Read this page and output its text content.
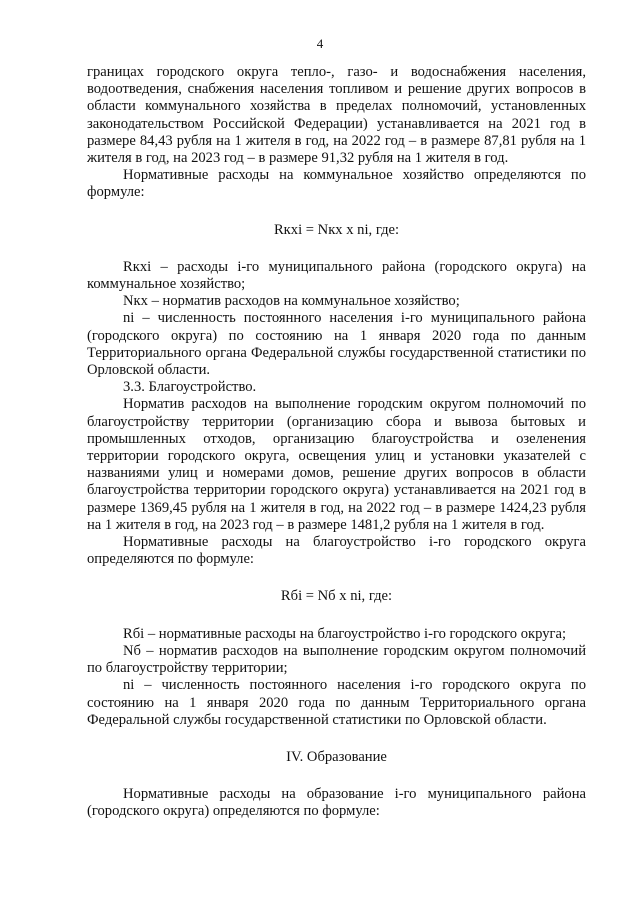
4

границах городского округа тепло-, газо- и водоснабжения населения, водоотведения, снабжения населения топливом и решение других вопросов в области коммунального хозяйства в пределах полномочий, установленных законодательством Российской Федерации) устанавливается на 2021 год в размере 84,43 рубля на 1 жителя в год, на 2022 год – в размере 87,81 рубля на 1 жителя в год, на 2023 год – в размере 91,32 рубля на 1 жителя в год.

Нормативные расходы на коммунальное хозяйство определяются по формуле:

Rкxi = Nкх х ni, где:

Rкxi – расходы i-го муниципального района (городского округа) на коммунальное хозяйство;

Nкх – норматив расходов на коммунальное хозяйство;

ni – численность постоянного населения i-го муниципального района (городского округа) по состоянию на 1 января 2020 года по данным Территориального органа Федеральной службы государственной статистики по Орловской области.

3.3. Благоустройство.

Норматив расходов на выполнение городским округом полномочий по благоустройству территории (организацию сбора и вывоза бытовых и промышленных отходов, организацию благоустройства и озеленения территории городского округа, освещения улиц и установки указателей с названиями улиц и номерами домов, решение других вопросов в области благоустройства территории городского округа) устанавливается на 2021 год в размере 1369,45 рубля на 1 жителя в год, на 2022 год – в размере 1424,23 рубля на 1 жителя в год, на 2023 год – в размере 1481,2 рубля на 1 жителя в год.

Нормативные расходы на благоустройство i-го городского округа определяются по формуле:

Rбi = Nб х ni, где:

Rбi – нормативные расходы на благоустройство i-го городского округа;

Nб – норматив расходов на выполнение городским округом полномочий по благоустройству территории;

ni – численность постоянного населения i-го городского округа по состоянию на 1 января 2020 года по данным Территориального органа Федеральной службы государственной статистики по Орловской области.

IV. Образование

Нормативные расходы на образование i-го муниципального района (городского округа) определяются по формуле:
